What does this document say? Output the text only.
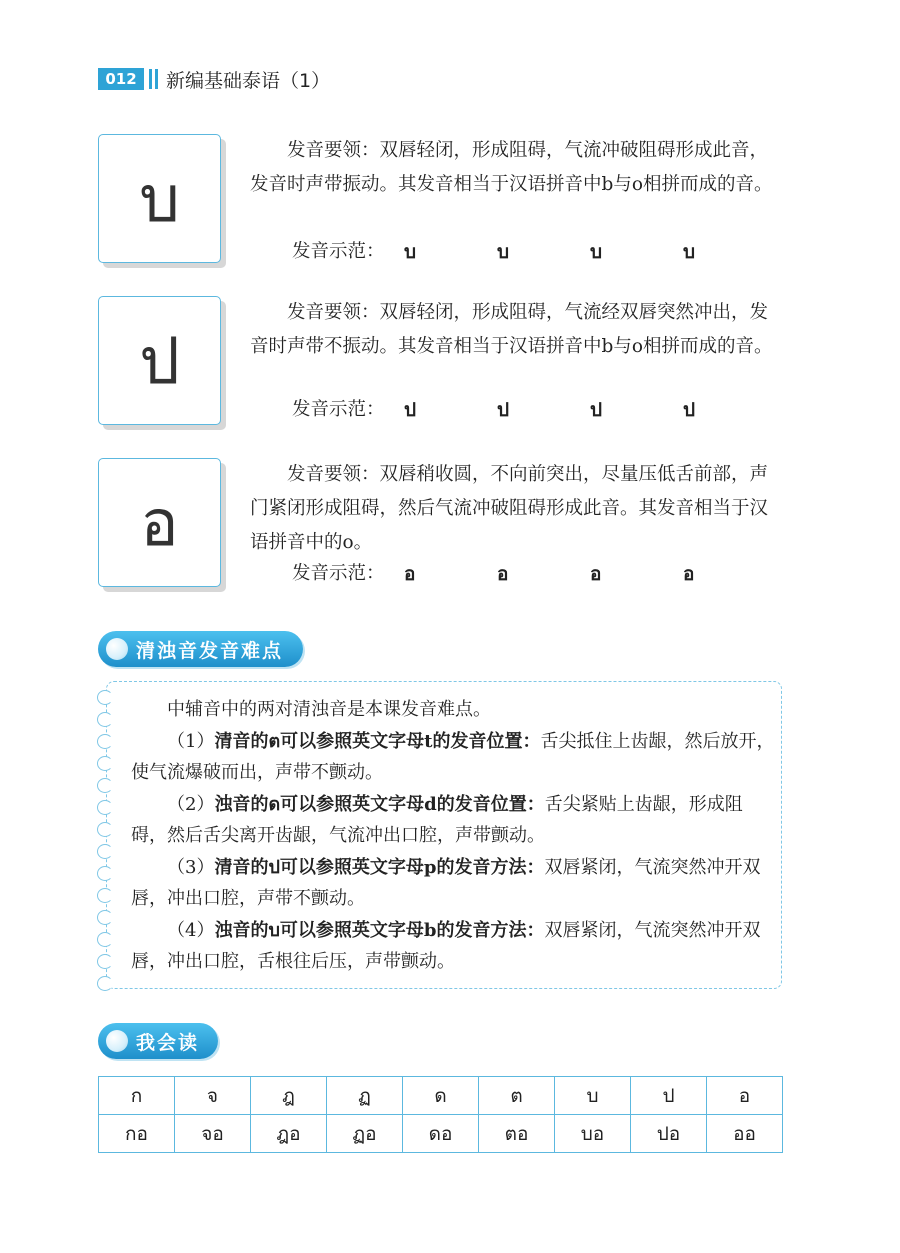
012	新编基础泰语（1）
บ

发音要领：双唇轻闭，形成阻碍，气流冲破阻碍形成此音，发音时声带振动。其发音相当于汉语拼音中b与o相拼而成的音。

发音示范：	บ	บ	บ	บ
ป

发音要领：双唇轻闭，形成阻碍，气流经双唇突然冲出，发音时声带不振动。其发音相当于汉语拼音中b与o相拼而成的音。

发音示范：	ป	ป	ป	ป
อ

发音要领：双唇稍收圆，不向前突出，尽量压低舌前部，声门紧闭形成阻碍，然后气流冲破阻碍形成此音。其发音相当于汉语拼音中的o。

发音示范：	อ	อ	อ	อ
清浊音发音难点

中辅音中的两对清浊音是本课发音难点。

（1）清音的ต可以参照英文字母t的发音位置：舌尖抵住上齿龈，然后放开，使气流爆破而出，声带不颤动。

（2）浊音的ด可以参照英文字母d的发音位置：舌尖紧贴上齿龈，形成阻碍，然后舌尖离开齿龈，气流冲出口腔，声带颤动。

（3）清音的ป可以参照英文字母p的发音方法：双唇紧闭，气流突然冲开双唇，冲出口腔，声带不颤动。

（4）浊音的บ可以参照英文字母b的发音方法：双唇紧闭，气流突然冲开双唇，冲出口腔，舌根往后压，声带颤动。

我会读
ก	จ	ฎ	ฏ	ด	ต	บ	ป	อ
กอ	จอ	ฎอ	ฏอ	ดอ	ตอ	บอ	ปอ	ออ
